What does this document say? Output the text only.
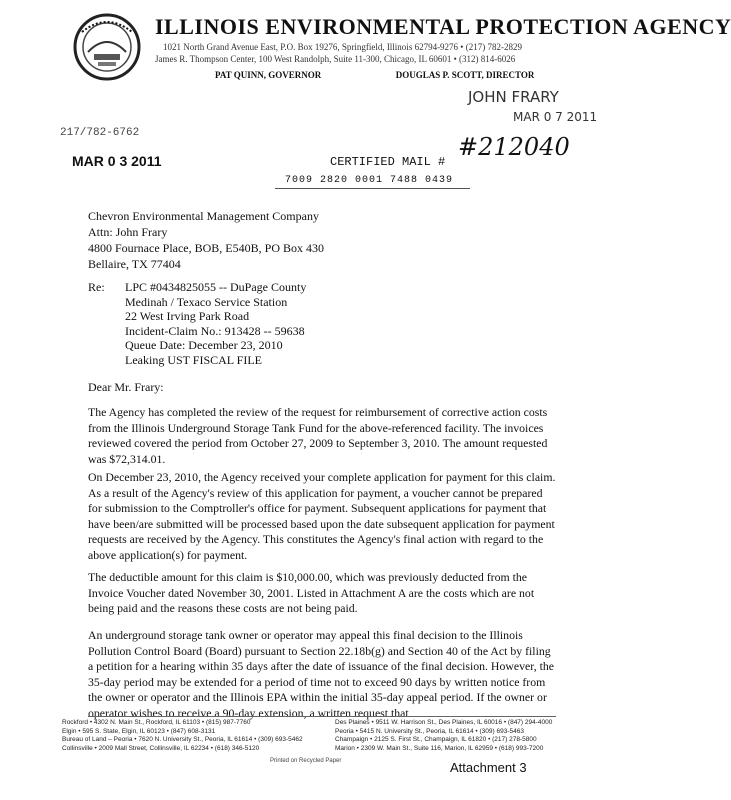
ILLINOIS ENVIRONMENTAL PROTECTION AGENCY
1021 North Grand Avenue East, P.O. Box 19276, Springfield, Illinois 62794-9276 • (217) 782-2829
James R. Thompson Center, 100 West Randolph, Suite 11-300, Chicago, IL 60601 • (312) 814-6026
PAT QUINN, GOVERNOR	DOUGLAS P. SCOTT, DIRECTOR
JOHN FRARY
MAR 0 7 2011
217/782-6762
MAR 0 3 2011	CERTIFIED MAIL #
#212040
7009 2820 0001 7488 0439
Chevron Environmental Management Company
Attn: John Frary
4800 Fournace Place, BOB, E540B, PO Box 430
Bellaire, TX 77404
Re: LPC #0434825055 -- DuPage County
Medinah / Texaco Service Station
22 West Irving Park Road
Incident-Claim No.: 913428 -- 59638
Queue Date: December 23, 2010
Leaking UST FISCAL FILE
Dear Mr. Frary:
The Agency has completed the review of the request for reimbursement of corrective action costs from the Illinois Underground Storage Tank Fund for the above-referenced facility. The invoices reviewed covered the period from October 27, 2009 to September 3, 2010. The amount requested was $72,314.01.
On December 23, 2010, the Agency received your complete application for payment for this claim. As a result of the Agency's review of this application for payment, a voucher cannot be prepared for submission to the Comptroller's office for payment. Subsequent applications for payment that have been/are submitted will be processed based upon the date subsequent application for payment requests are received by the Agency. This constitutes the Agency's final action with regard to the above application(s) for payment.
The deductible amount for this claim is $10,000.00, which was previously deducted from the Invoice Voucher dated November 30, 2001. Listed in Attachment A are the costs which are not being paid and the reasons these costs are not being paid.
An underground storage tank owner or operator may appeal this final decision to the Illinois Pollution Control Board (Board) pursuant to Section 22.18b(g) and Section 40 of the Act by filing a petition for a hearing within 35 days after the date of issuance of the final decision. However, the 35-day period may be extended for a period of time not to exceed 90 days by written notice from the owner or operator and the Illinois EPA within the initial 35-day appeal period. If the owner or operator wishes to receive a 90-day extension, a written request that
Rockford • 4302 N. Main St., Rockford, IL 61103 • (815) 987-7760
Elgin • 595 S. State, Elgin, IL 60123 • (847) 608-3131
Bureau of Land – Peoria • 7620 N. University St., Peoria, IL 61614 • (309) 693-5462
Collinsville • 2009 Mall Street, Collinsville, IL 62234 • (618) 346-5120
Des Plaines • 9511 W. Harrison St., Des Plaines, IL 60016 • (847) 294-4000
Peoria • 5415 N. University St., Peoria, IL 61614 • (309) 693-5463
Champaign • 2125 S. First St., Champaign, IL 61820 • (217) 278-5800
Marion • 2309 W. Main St., Suite 116, Marion, IL 62959 • (618) 993-7200
Printed on Recycled Paper	Attachment 3
